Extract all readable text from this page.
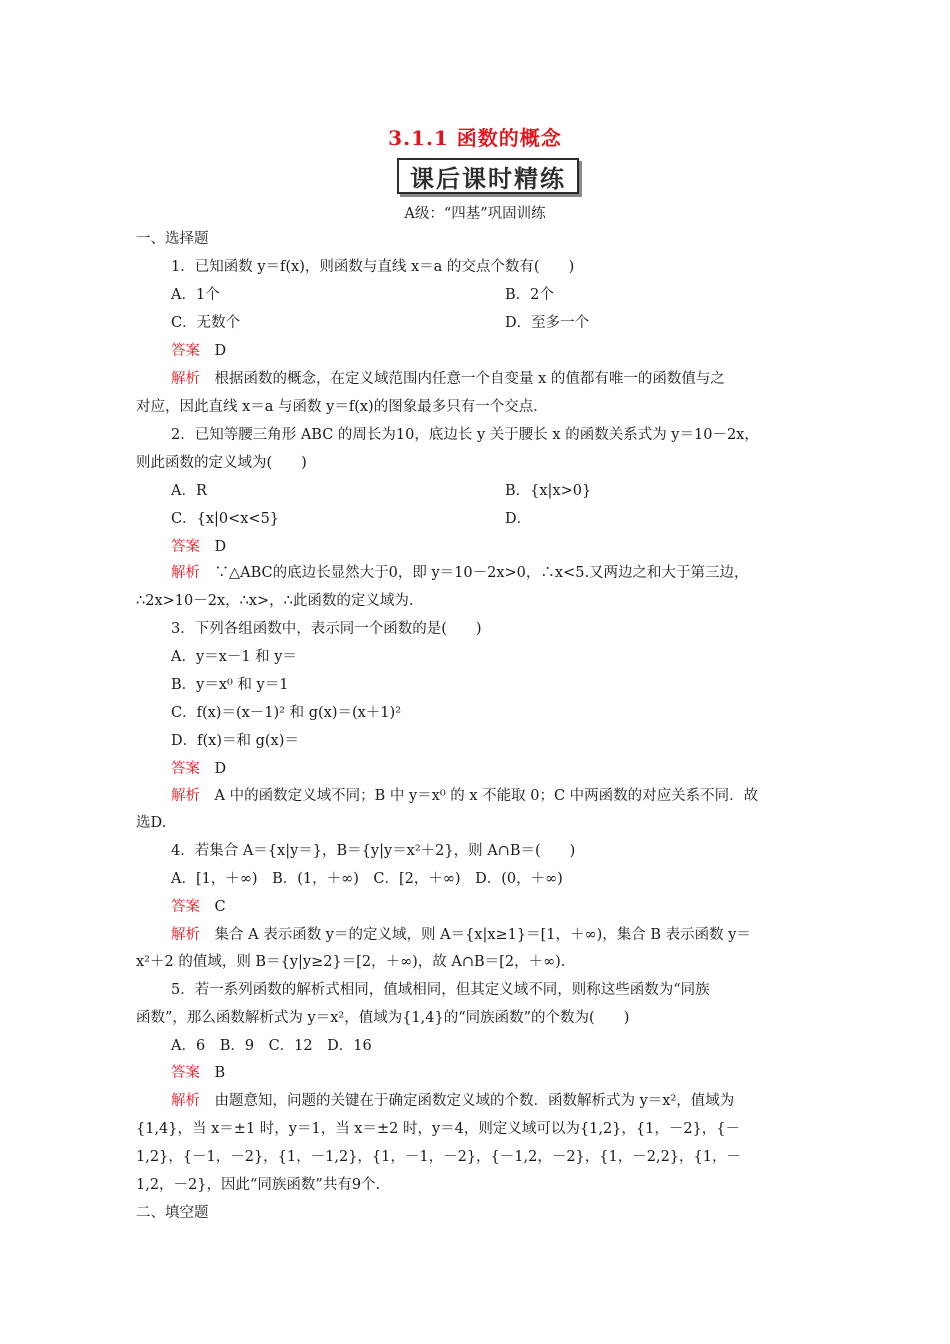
3.1.1 函数的概念
课后课时精练
A级：“四基”巩固训练
一、选择题
1．已知函数 y＝f(x)，则函数与直线 x＝a 的交点个数有(　　)
A．1个	B．2个
C．无数个	D．至多一个
答案　 D
解析　 根据函数的概念，在定义域范围内任意一个自变量 x 的值都有唯一的函数值与之
对应，因此直线 x＝a 与函数 y＝f(x)的图象最多只有一个交点．
2．已知等腰三角形 ABC 的周长为10，底边长 y 关于腰长 x 的函数关系式为 y＝10－2x，
则此函数的定义域为(　　)
A．R	B．{x|x>0}
C．{x|0<x<5}	D．
答案　 D
解析　 ∵△ABC的底边长显然大于0，即 y＝10－2x>0，∴x<5.又两边之和大于第三边，
∴2x>10－2x，∴x>，∴此函数的定义域为.
3．下列各组函数中，表示同一个函数的是(　　)
A．y＝x－1 和 y＝
B．y＝x⁰ 和 y＝1
C．f(x)＝(x－1)² 和 g(x)＝(x＋1)²
D．f(x)＝和 g(x)＝
答案　 D
解析　 A 中的函数定义域不同；B 中 y＝x⁰ 的 x 不能取 0；C 中两函数的对应关系不同．故
选D.
4．若集合 A＝{x|y＝}，B＝{y|y＝x²＋2}，则 A∩B＝(　　)
A．[1，＋∞)　B．(1，＋∞)　C．[2，＋∞)　D．(0，＋∞)
答案　 C
解析　 集合 A 表示函数 y＝的定义域，则 A＝{x|x≥1}＝[1，＋∞)，集合 B 表示函数 y＝
x²＋2 的值域，则 B＝{y|y≥2}＝[2，＋∞)，故 A∩B＝[2，＋∞).
5．若一系列函数的解析式相同，值域相同，但其定义域不同，则称这些函数为“同族
函数”，那么函数解析式为 y＝x²，值域为{1,4}的“同族函数”的个数为(　　)
A．6　B．9　C．12　D．16
答案　 B
解析　 由题意知，问题的关键在于确定函数定义域的个数．函数解析式为 y＝x²，值域为
{1,4}，当 x＝±1 时，y＝1，当 x＝±2 时，y＝4，则定义域可以为{1,2}，{1，－2}，{－
1,2}，{－1，－2}，{1，－1,2}，{1，－1，－2}，{－1,2，－2}，{1，－2,2}，{1，－
1,2，－2}，因此“同族函数”共有9个.
二、填空题
